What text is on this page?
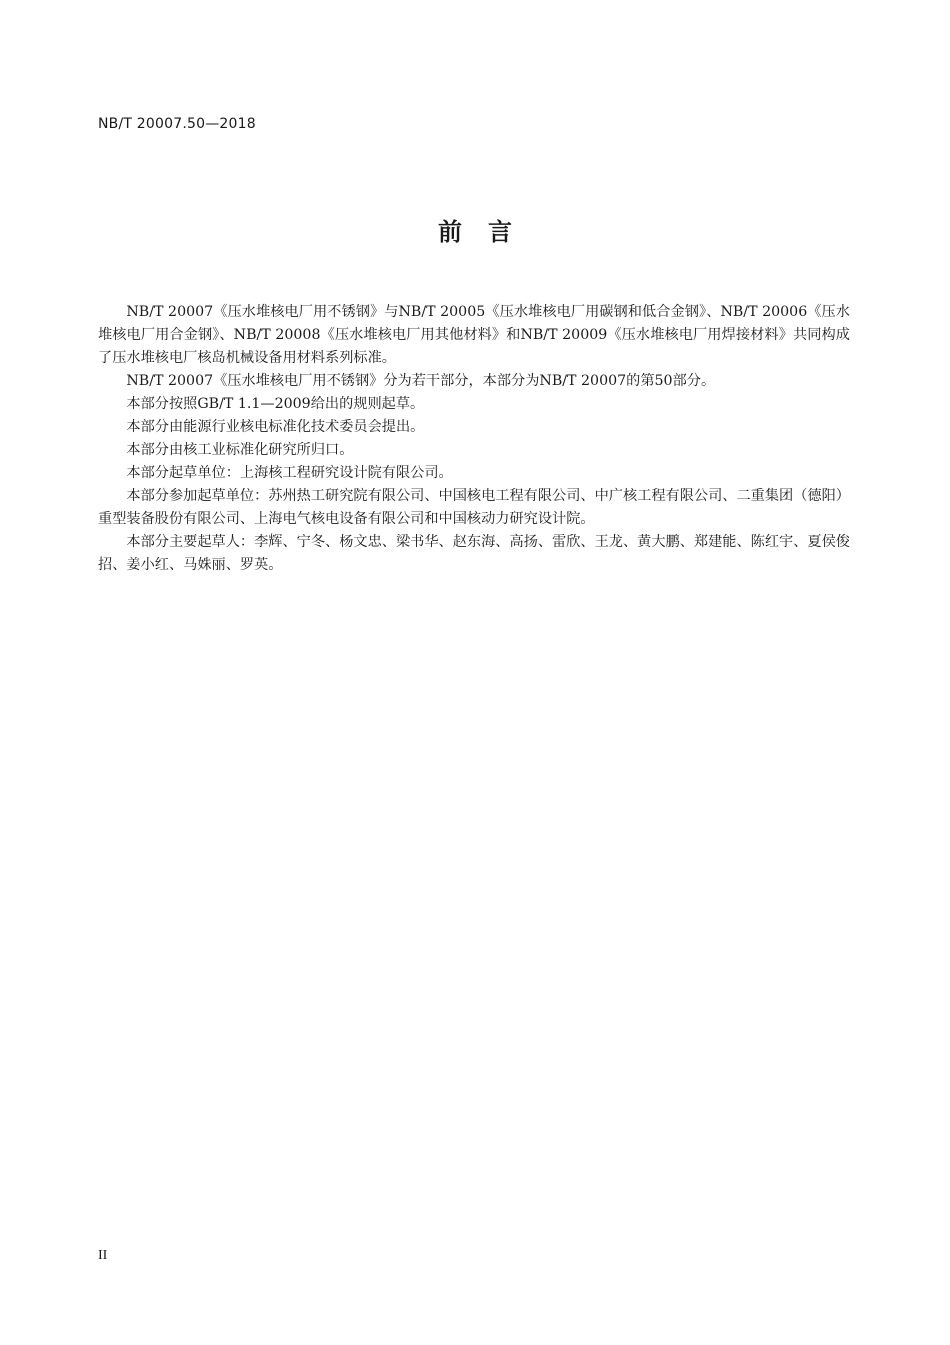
NB/T 20007.50—2018
前言

NB/T 20007《压水堆核电厂用不锈钢》与NB/T 20005《压水堆核电厂用碳钢和低合金钢》、NB/T 20006《压水堆核电厂用合金钢》、NB/T 20008《压水堆核电厂用其他材料》和NB/T 20009《压水堆核电厂用焊接材料》共同构成了压水堆核电厂核岛机械设备用材料系列标准。

NB/T 20007《压水堆核电厂用不锈钢》分为若干部分，本部分为NB/T 20007的第50部分。

本部分按照GB/T 1.1—2009给出的规则起草。

本部分由能源行业核电标准化技术委员会提出。

本部分由核工业标准化研究所归口。

本部分起草单位：上海核工程研究设计院有限公司。

本部分参加起草单位：苏州热工研究院有限公司、中国核电工程有限公司、中广核工程有限公司、二重集团（德阳）重型装备股份有限公司、上海电气核电设备有限公司和中国核动力研究设计院。

本部分主要起草人：李辉、宁冬、杨文忠、梁书华、赵东海、高扬、雷欣、王龙、黄大鹏、郑建能、陈红宇、夏侯俊招、姜小红、马姝丽、罗英。

II
